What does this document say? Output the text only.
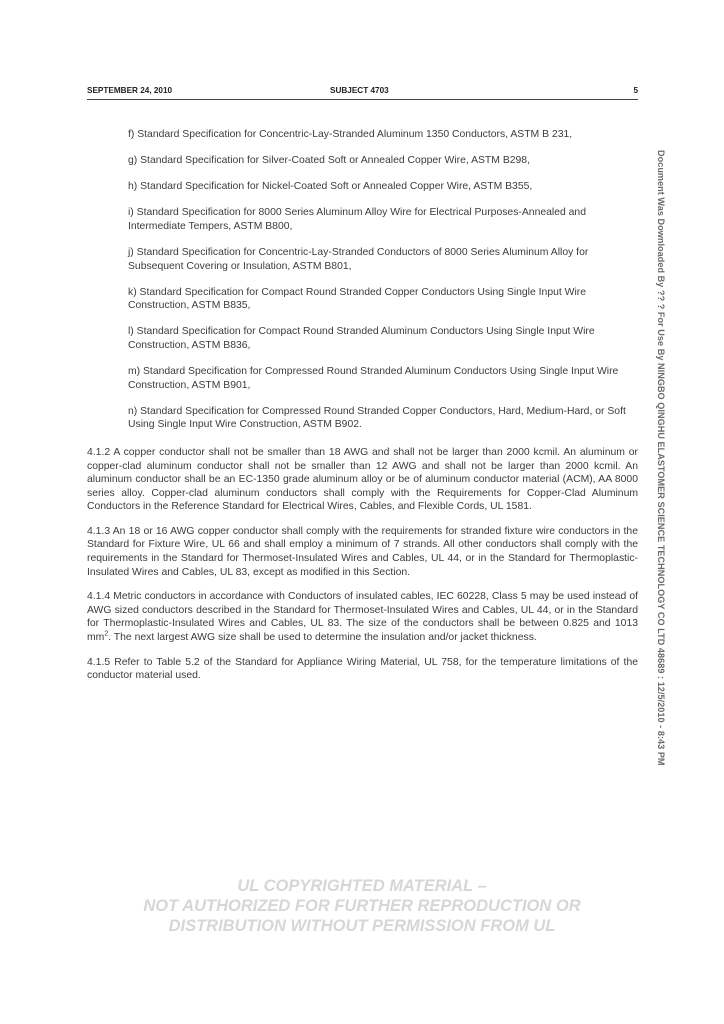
SEPTEMBER 24, 2010	SUBJECT 4703	5
f) Standard Specification for Concentric-Lay-Stranded Aluminum 1350 Conductors, ASTM B 231,
g) Standard Specification for Silver-Coated Soft or Annealed Copper Wire, ASTM B298,
h) Standard Specification for Nickel-Coated Soft or Annealed Copper Wire, ASTM B355,
i) Standard Specification for 8000 Series Aluminum Alloy Wire for Electrical Purposes-Annealed and Intermediate Tempers, ASTM B800,
j) Standard Specification for Concentric-Lay-Stranded Conductors of 8000 Series Aluminum Alloy for Subsequent Covering or Insulation, ASTM B801,
k) Standard Specification for Compact Round Stranded Copper Conductors Using Single Input Wire Construction, ASTM B835,
l) Standard Specification for Compact Round Stranded Aluminum Conductors Using Single Input Wire Construction, ASTM B836,
m) Standard Specification for Compressed Round Stranded Aluminum Conductors Using Single Input Wire Construction, ASTM B901,
n) Standard Specification for Compressed Round Stranded Copper Conductors, Hard, Medium-Hard, or Soft Using Single Input Wire Construction, ASTM B902.
4.1.2 A copper conductor shall not be smaller than 18 AWG and shall not be larger than 2000 kcmil. An aluminum or copper-clad aluminum conductor shall not be smaller than 12 AWG and shall not be larger than 2000 kcmil. An aluminum conductor shall be an EC-1350 grade aluminum alloy or be of aluminum conductor material (ACM), AA 8000 series alloy. Copper-clad aluminum conductors shall comply with the Requirements for Copper-Clad Aluminum Conductors in the Reference Standard for Electrical Wires, Cables, and Flexible Cords, UL 1581.
4.1.3 An 18 or 16 AWG copper conductor shall comply with the requirements for stranded fixture wire conductors in the Standard for Fixture Wire, UL 66 and shall employ a minimum of 7 strands. All other conductors shall comply with the requirements in the Standard for Thermoset-Insulated Wires and Cables, UL 44, or in the Standard for Thermoplastic-Insulated Wires and Cables, UL 83, except as modified in this Section.
4.1.4 Metric conductors in accordance with Conductors of insulated cables, IEC 60228, Class 5 may be used instead of AWG sized conductors described in the Standard for Thermoset-Insulated Wires and Cables, UL 44, or in the Standard for Thermoplastic-Insulated Wires and Cables, UL 83. The size of the conductors shall be between 0.825 and 1013 $mm^2$. The next largest AWG size shall be used to determine the insulation and/or jacket thickness.
4.1.5 Refer to Table 5.2 of the Standard for Appliance Wiring Material, UL 758, for the temperature limitations of the conductor material used.	Document Was Downloaded By ?? ? For Use By NINGBO QINGHU ELASTOMER SCIENCE TECHNOLOGY CO LTD 48689 : 12/5/2010 - 8:43 PM
UL COPYRIGHTED MATERIAL –
NOT AUTHORIZED FOR FURTHER REPRODUCTION OR
DISTRIBUTION WITHOUT PERMISSION FROM UL
